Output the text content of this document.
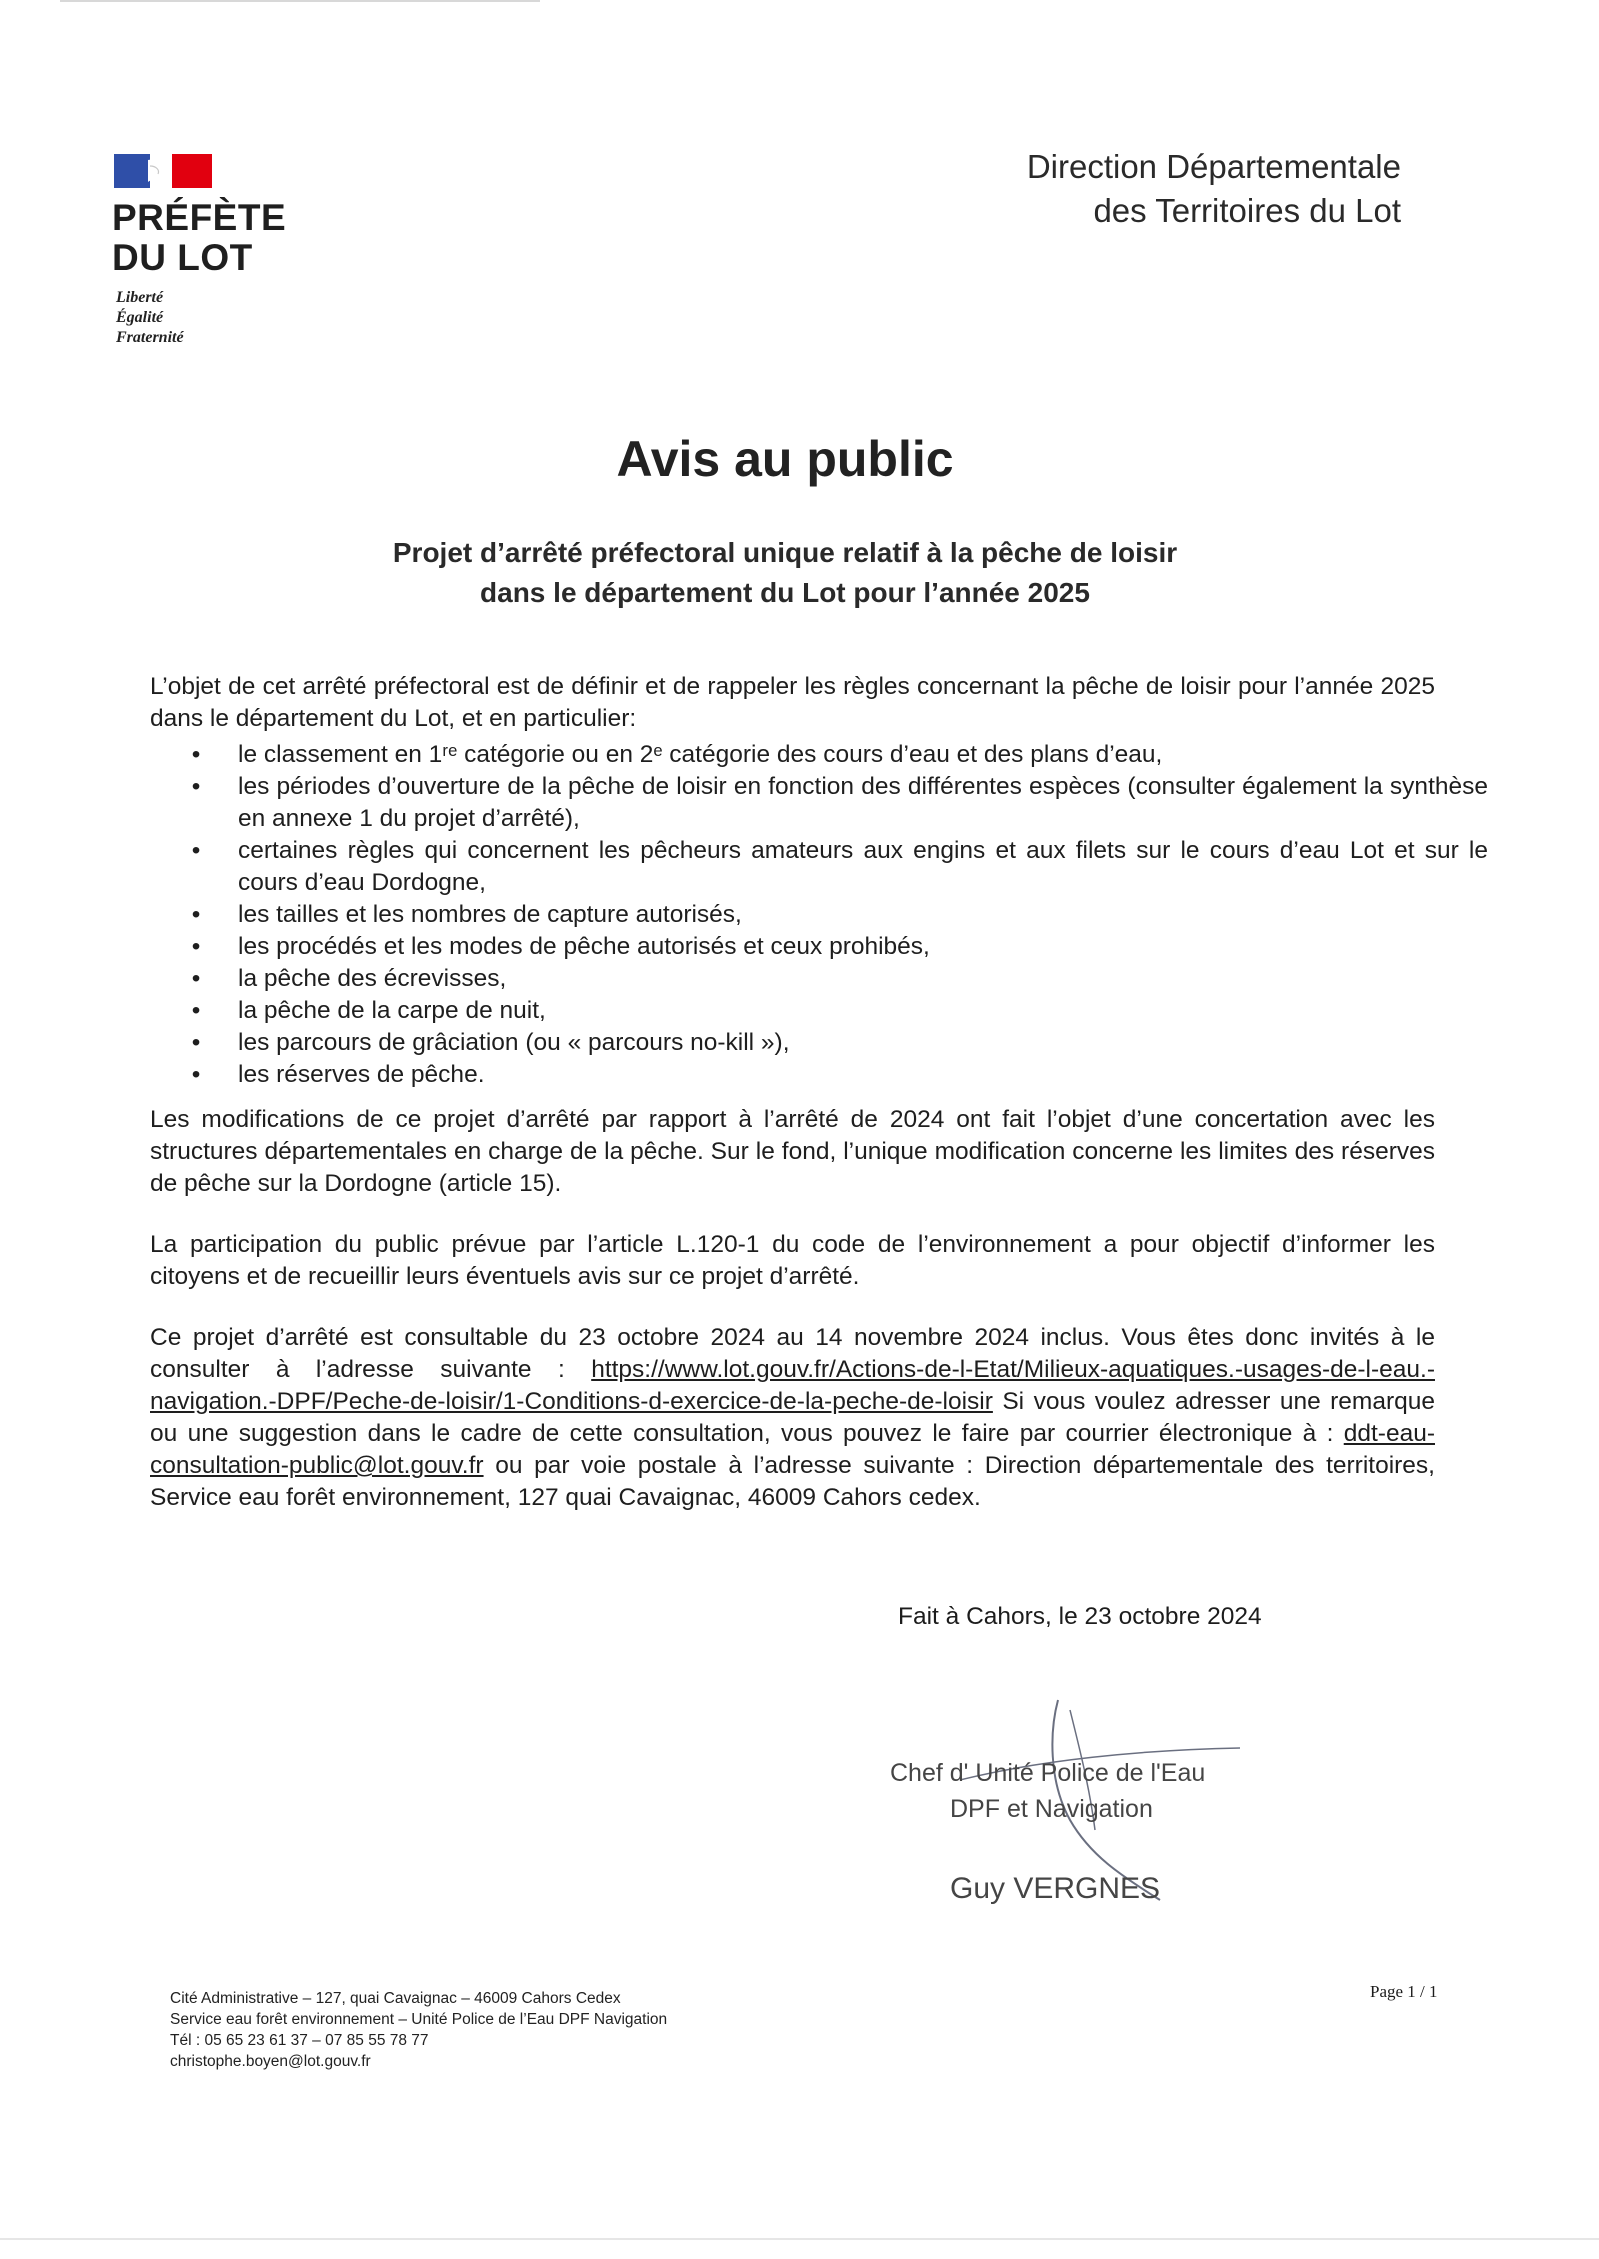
PRÉFÈTE
DU LOT
Liberté
Égalité
Fraternité
Direction Départementale
des Territoires du Lot
Avis au public
Projet d’arrêté préfectoral unique relatif à la pêche de loisir
dans le département du Lot pour l’année 2025
L’objet de cet arrêté préfectoral est de définir et de rappeler les règles concernant la pêche de loisir pour l’année 2025 dans le département du Lot, et en particulier:
• le classement en 1ʳᵉ catégorie ou en 2ᵉ catégorie des cours d’eau et des plans d’eau,
• les périodes d’ouverture de la pêche de loisir en fonction des différentes espèces (consulter également la synthèse en annexe 1 du projet d’arrêté),
• certaines règles qui concernent les pêcheurs amateurs aux engins et aux filets sur le cours d’eau Lot et sur le cours d’eau Dordogne,
• les tailles et les nombres de capture autorisés,
• les procédés et les modes de pêche autorisés et ceux prohibés,
• la pêche des écrevisses,
• la pêche de la carpe de nuit,
• les parcours de grâciation (ou « parcours no-kill »),
• les réserves de pêche.
Les modifications de ce projet d’arrêté par rapport à l’arrêté de 2024 ont fait l’objet d’une concertation avec les structures départementales en charge de la pêche. Sur le fond, l’unique modification concerne les limites des réserves de pêche sur la Dordogne (article 15).
La participation du public prévue par l’article L.120-1 du code de l’environnement a pour objectif d’informer les citoyens et de recueillir leurs éventuels avis sur ce projet d’arrêté.
Ce projet d’arrêté est consultable du 23 octobre 2024 au 14 novembre 2024 inclus. Vous êtes donc invités à le consulter à l’adresse suivante : https://www.lot.gouv.fr/Actions-de-l-Etat/Milieux-aquatiques.-usages-de-l-eau.-navigation.-DPF/Peche-de-loisir/1-Conditions-d-exercice-de-la-peche-de-loisir Si vous voulez adresser une remarque ou une suggestion dans le cadre de cette consultation, vous pouvez le faire par courrier électronique à : ddt-eau-consultation-public@lot.gouv.fr ou par voie postale à l’adresse suivante : Direction départementale des territoires, Service eau forêt environnement, 127 quai Cavaignac, 46009 Cahors cedex.
Fait à Cahors, le 23 octobre 2024
Chef d' Unité Police de l'Eau
DPF et Navigation
Guy VERGNES
Cité Administrative – 127, quai Cavaignac – 46009 Cahors Cedex
Service eau forêt environnement – Unité Police de l’Eau DPF Navigation
Tél : 05 65 23 61 37 – 07 85 55 78 77
christophe.boyen@lot.gouv.fr
Page 1 / 1
